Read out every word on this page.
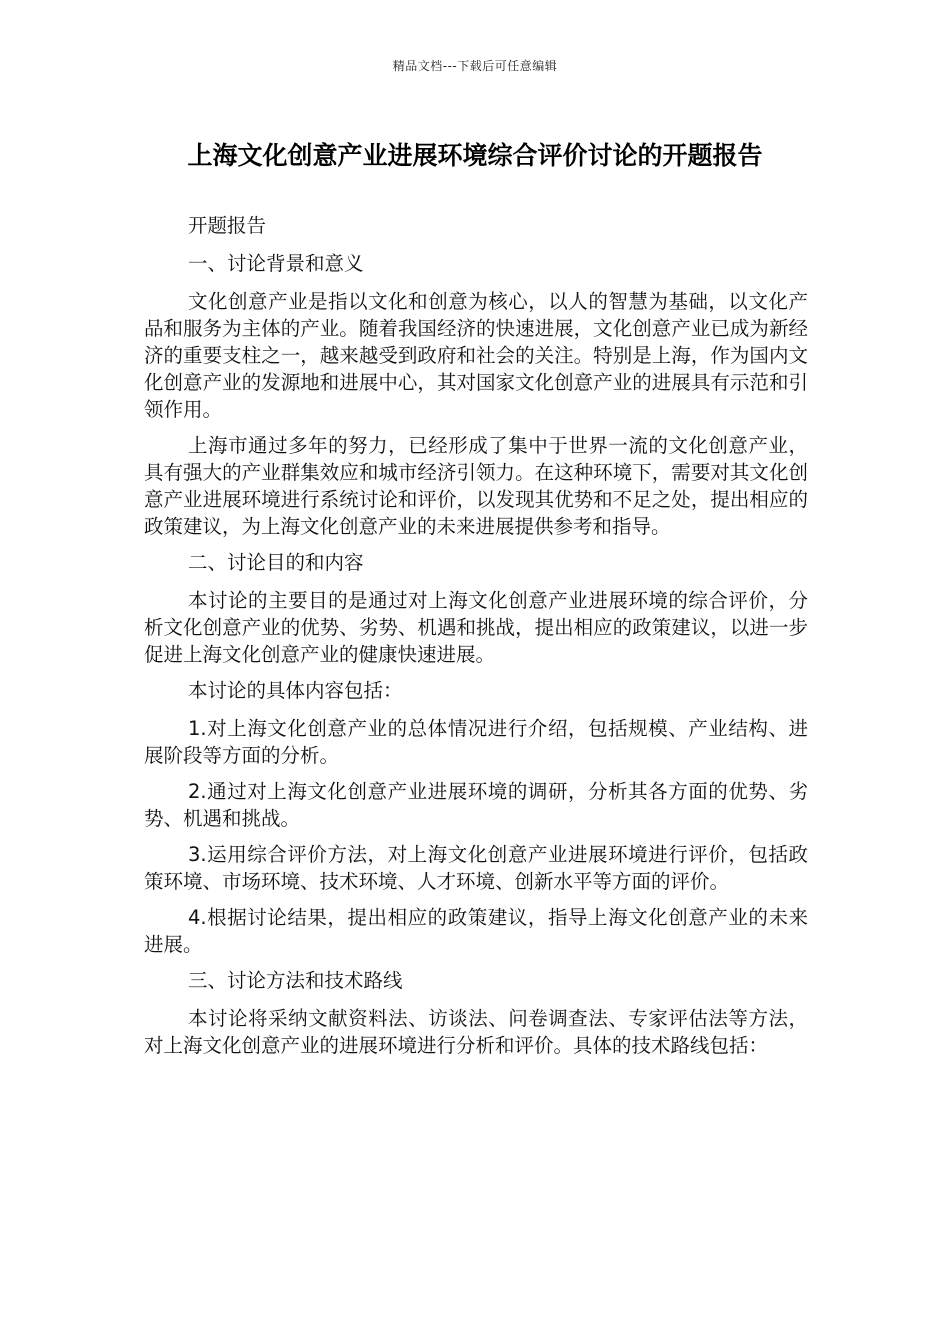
精品文档---下载后可任意编辑
上海文化创意产业进展环境综合评价讨论的开题报告

开题报告

一、讨论背景和意义

文化创意产业是指以文化和创意为核心，以人的智慧为基础，以文化产品和服务为主体的产业。随着我国经济的快速进展，文化创意产业已成为新经济的重要支柱之一，越来越受到政府和社会的关注。特别是上海，作为国内文化创意产业的发源地和进展中心，其对国家文化创意产业的进展具有示范和引领作用。

上海市通过多年的努力，已经形成了集中于世界一流的文化创意产业，具有强大的产业群集效应和城市经济引领力。在这种环境下，需要对其文化创意产业进展环境进行系统讨论和评价，以发现其优势和不足之处，提出相应的政策建议，为上海文化创意产业的未来进展提供参考和指导。

二、讨论目的和内容

本讨论的主要目的是通过对上海文化创意产业进展环境的综合评价，分析文化创意产业的优势、劣势、机遇和挑战，提出相应的政策建议，以进一步促进上海文化创意产业的健康快速进展。

本讨论的具体内容包括：

1.对上海文化创意产业的总体情况进行介绍，包括规模、产业结构、进展阶段等方面的分析。

2.通过对上海文化创意产业进展环境的调研，分析其各方面的优势、劣势、机遇和挑战。

3.运用综合评价方法，对上海文化创意产业进展环境进行评价，包括政策环境、市场环境、技术环境、人才环境、创新水平等方面的评价。

4.根据讨论结果，提出相应的政策建议，指导上海文化创意产业的未来进展。

三、讨论方法和技术路线

本讨论将采纳文献资料法、访谈法、问卷调查法、专家评估法等方法，对上海文化创意产业的进展环境进行分析和评价。具体的技术路线包括：
